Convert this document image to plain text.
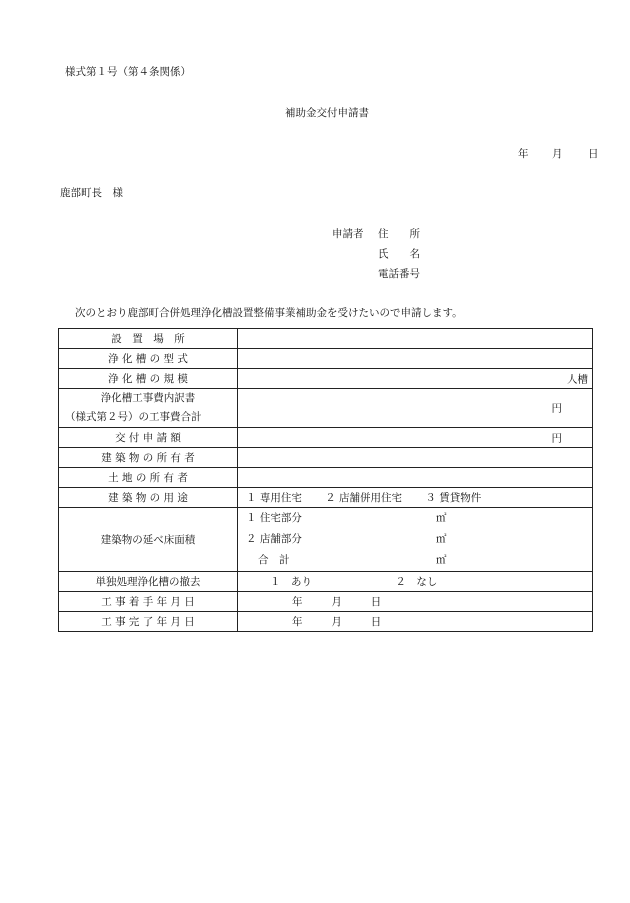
様式第１号（第４条関係）
補助金交付申請書
年 月 日
鹿部町長　様
申請者 住　　所
氏　　名
電話番号
次のとおり鹿部町合併処理浄化槽設置整備事業補助金を受けたいので申請します。
設　置　場　所	
浄 化 槽 の 型 式	
浄 化 槽 の 規 模	人槽

浄化槽工事費内訳書
（様式第２号）の工事費合計	円

交 付 申 請 額	円

建 築 物 の 所 有 者	
土 地 の 所 有 者	
建 築 物 の 用 途	１ 専用住宅 ２ 店舗併用住宅 ３ 賃貸物件
建築物の延べ床面積	１ 住宅部分 ㎡
２ 店舗部分 ㎡
合　計 ㎡

単独処理浄化槽の撤去	１　あり ２　なし
工 事 着 手 年 月 日	年 月 日
工 事 完 了 年 月 日	年 月 日
